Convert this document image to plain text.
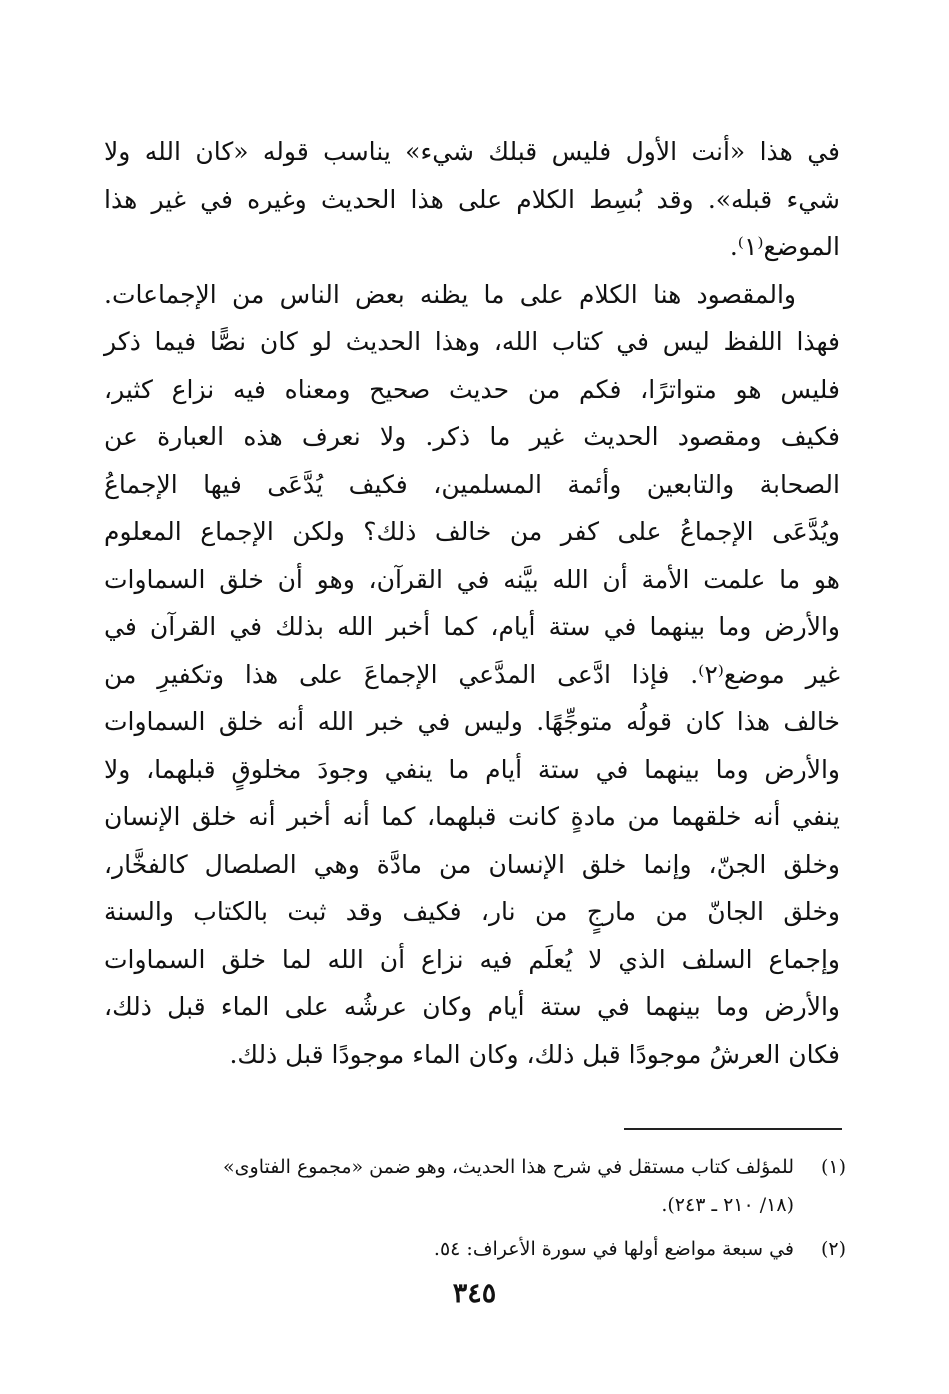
في هذا «أنت الأول فليس قبلك شيء» يناسب قوله «كان الله ولا
شيء قبله». وقد بُسِط الكلام على هذا الحديث وغيره في غير هذا
الموضع⁽١⁾.
والمقصود هنا الكلام على ما يظنه بعض الناس من الإجماعات.
فهذا اللفظ ليس في كتاب الله، وهذا الحديث لو كان نصًّا فيما ذكر
فليس هو متواترًا، فكم من حديث صحيح ومعناه فيه نزاع كثير،
فكيف ومقصود الحديث غير ما ذكر. ولا نعرف هذه العبارة عن
الصحابة والتابعين وأئمة المسلمين، فكيف يُدَّعَى فيها الإجماعُ
ويُدَّعَى الإجماعُ على كفر من خالف ذلك؟ ولكن الإجماع المعلوم
هو ما علمت الأمة أن الله بيَّنه في القرآن، وهو أن خلق السماوات
والأرض وما بينهما في ستة أيام، كما أخبر الله بذلك في القرآن في
غير موضع⁽٢⁾. فإذا ادَّعى المدَّعي الإجماعَ على هذا وتكفيرِ من
خالف هذا كان قولُه متوجِّهًا. وليس في خبر الله أنه خلق السماوات
والأرض وما بينهما في ستة أيام ما ينفي وجودَ مخلوقٍ قبلهما، ولا
ينفي أنه خلقهما من مادةٍ كانت قبلهما، كما أنه أخبر أنه خلق الإنسان
وخلق الجنّ، وإنما خلق الإنسان من مادَّة وهي الصلصال كالفخَّار،
وخلق الجانّ من مارجٍ من نار، فكيف وقد ثبت بالكتاب والسنة
وإجماع السلف الذي لا يُعلَم فيه نزاع أن الله لما خلق السماوات
والأرض وما بينهما في ستة أيام وكان عرشُه على الماء قبل ذلك،
فكان العرشُ موجودًا قبل ذلك، وكان الماء موجودًا قبل ذلك.
(١)
للمؤلف كتاب مستقل في شرح هذا الحديث، وهو ضمن «مجموع الفتاوى»
(١٨/ ٢١٠ ـ ٢٤٣).
(٢)
في سبعة مواضع أولها في سورة الأعراف: ٥٤.
٣٤٥
